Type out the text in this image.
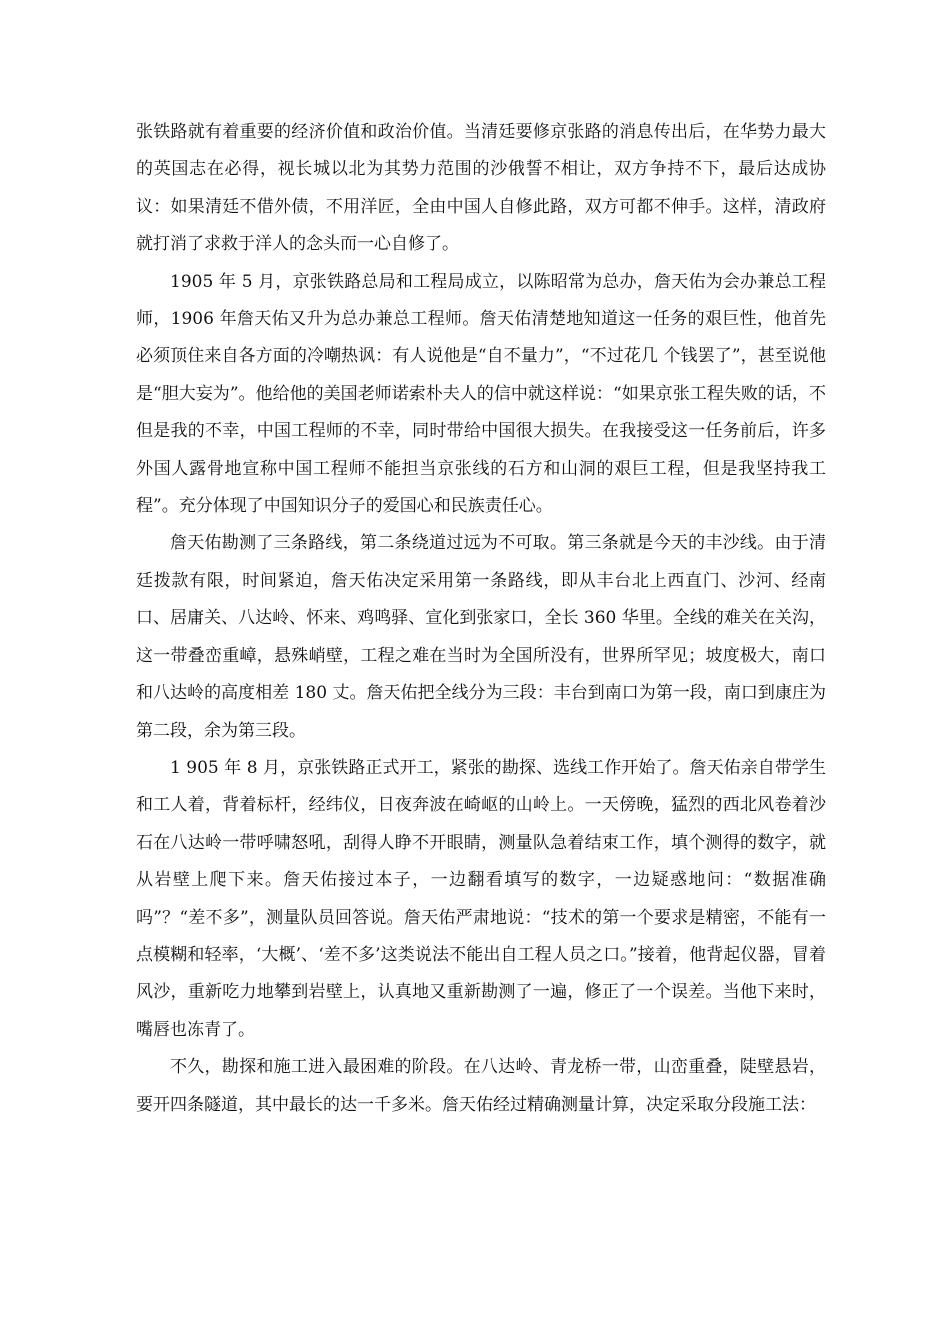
张铁路就有着重要的经济价值和政治价值。当清廷要修京张路的消息传出后，在华势力最大的英国志在必得，视长城以北为其势力范围的沙俄誓不相让，双方争持不下，最后达成协议：如果清廷不借外债，不用洋匠，全由中国人自修此路，双方可都不伸手。这样，清政府就打消了求救于洋人的念头而一心自修了。

1905 年 5 月，京张铁路总局和工程局成立，以陈昭常为总办，詹天佑为会办兼总工程师，1906 年詹天佑又升为总办兼总工程师。詹天佑清楚地知道这一任务的艰巨性，他首先必须顶住来自各方面的冷嘲热讽：有人说他是“自不量力”，“不过花几 个钱罢了”，甚至说他是“胆大妄为”。他给他的美国老师诺索朴夫人的信中就这样说：“如果京张工程失败的话，不但是我的不幸，中国工程师的不幸，同时带给中国很大损失。在我接受这一任务前后，许多外国人露骨地宣称中国工程师不能担当京张线的石方和山洞的艰巨工程，但是我坚持我工程”。充分体现了中国知识分子的爱国心和民族责任心。

詹天佑勘测了三条路线，第二条绕道过远为不可取。第三条就是今天的丰沙线。由于清廷拨款有限，时间紧迫，詹天佑决定采用第一条路线，即从丰台北上西直门、沙河、经南口、居庸关、八达岭、怀来、鸡鸣驿、宣化到张家口，全长 360 华里。全线的难关在关沟，这一带叠峦重嶂，悬殊峭壁，工程之难在当时为全国所没有，世界所罕见；坡度极大，南口和八达岭的高度相差 180 丈。詹天佑把全线分为三段：丰台到南口为第一段，南口到康庄为第二段，余为第三段。

1 905 年 8 月，京张铁路正式开工，紧张的勘探、选线工作开始了。詹天佑亲自带学生和工人着，背着标杆，经纬仪，日夜奔波在崎岖的山岭上。一天傍晚，猛烈的西北风卷着沙石在八达岭一带呼啸怒吼，刮得人睁不开眼睛，测量队急着结束工作，填个测得的数字，就从岩壁上爬下来。詹天佑接过本子，一边翻看填写的数字，一边疑惑地问：“数据准确吗”？“差不多”，测量队员回答说。詹天佑严肃地说：“技术的第一个要求是精密，不能有一点模糊和轻率，‘大概’、‘差不多’这类说法不能出自工程人员之口。”接着，他背起仪器，冒着风沙，重新吃力地攀到岩壁上，认真地又重新勘测了一遍，修正了一个误差。当他下来时，嘴唇也冻青了。

不久，勘探和施工进入最困难的阶段。在八达岭、青龙桥一带，山峦重叠，陡壁悬岩，要开四条隧道，其中最长的达一千多米。詹天佑经过精确测量计算，决定采取分段施工法：
